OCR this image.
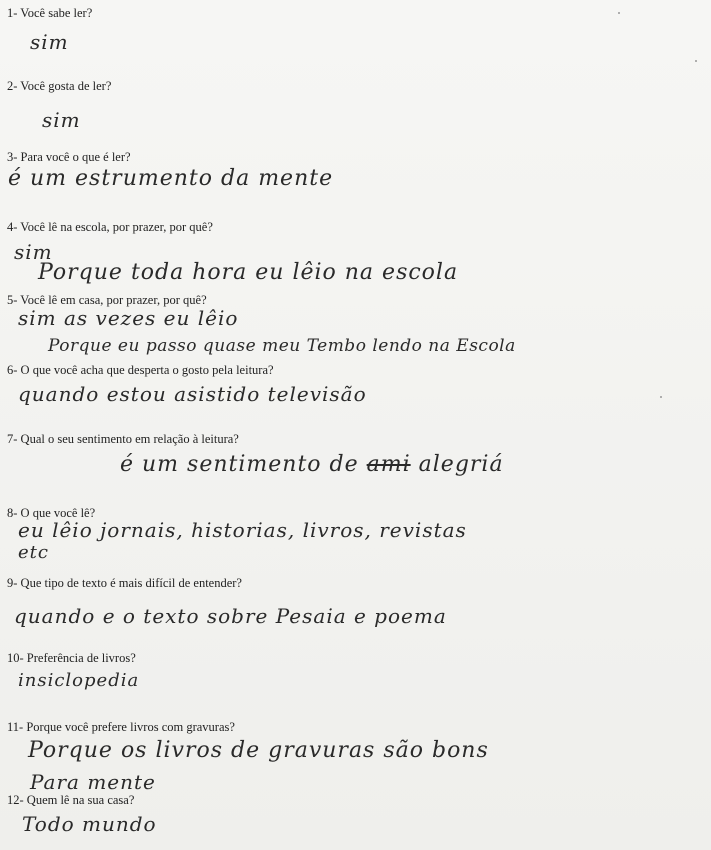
1- Você sabe ler?
sim
2- Você gosta de ler?
sim
3- Para você o que é ler?
é um estrumento da mente
4- Você lê na escola, por prazer, por quê?
sim
Porque toda hora eu lêio na escola
5- Você lê em casa, por prazer, por quê?
sim as vezes eu lêio
Porque eu passo quase meu Tembo lendo na Escola
6- O que você acha que desperta o gosto pela leitura?
quando estou asistido televisão
7- Qual o seu sentimento em relação à leitura?
é um sentimento de ami alegriá
8- O que você lê?
eu lêio jornais, historias, livros, revistas
etc
9- Que tipo de texto é mais difícil de entender?
quando e o texto sobre Pesaia e poema
10- Preferência de livros?
insiclopedia
11- Porque você prefere livros com gravuras?
Porque os livros de gravuras são bons
Para mente
12- Quem lê na sua casa?
Todo mundo
